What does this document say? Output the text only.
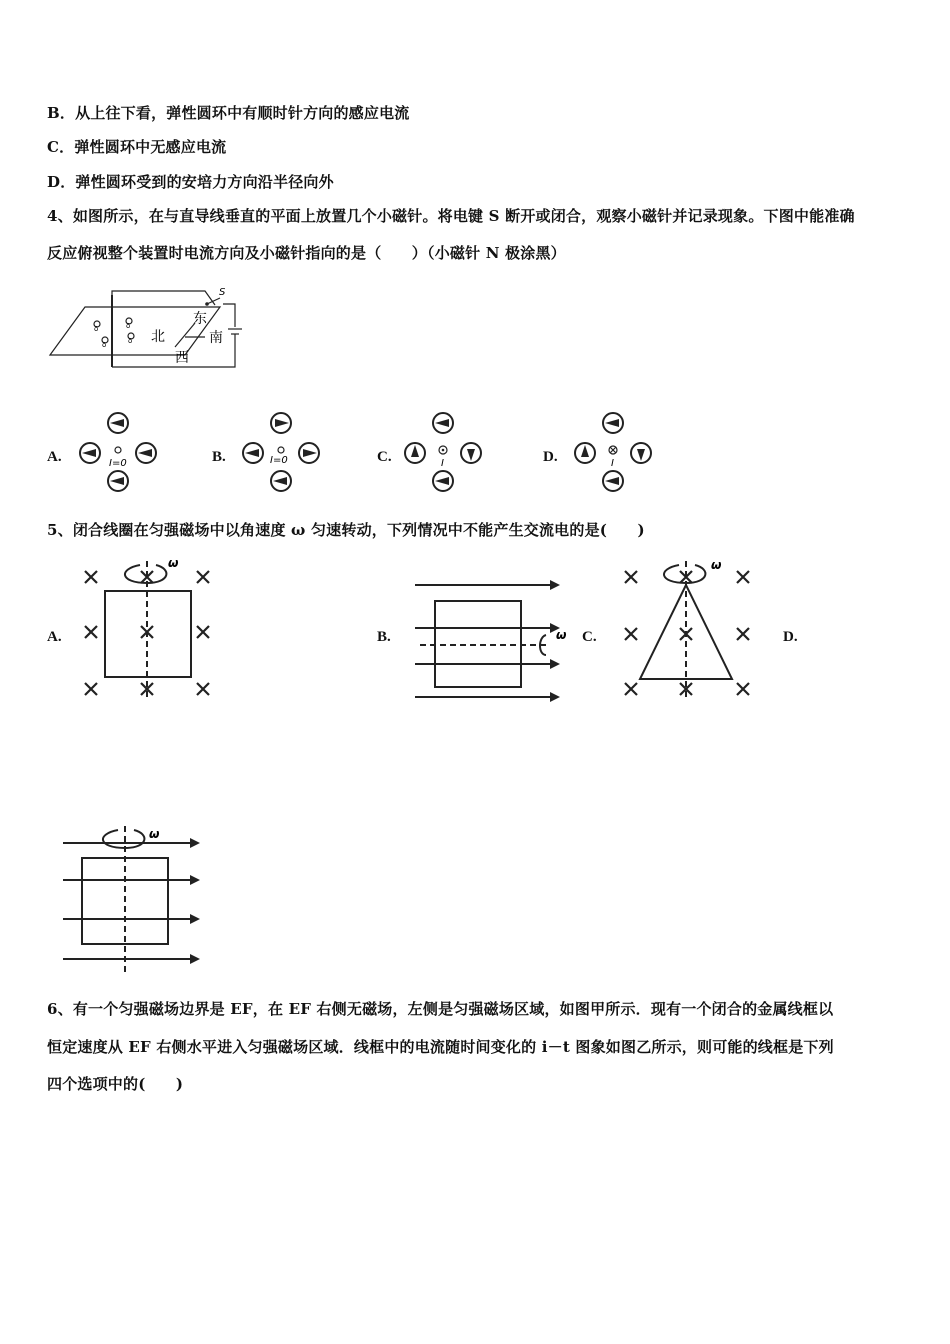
B．从上往下看，弹性圆环中有顺时针方向的感应电流
C．弹性圆环中无感应电流
D．弹性圆环受到的安培力方向沿半径向外
4、如图所示，在与直导线垂直的平面上放置几个小磁针。将电键 S 断开或闭合，观察小磁针并记录现象。下图中能准确
反应俯视整个装置时电流方向及小磁针指向的是（　　）（小磁针 N 极涂黑）
S
δ	δ
δ	δ
东
北	南
西
A.	I=0	B.	I=0	C.	I	D.	I
5、闭合线圈在匀强磁场中以角速度 ω 匀速转动，下列情况中不能产生交流电的是(　　)
A.
ω
B.	ω C.
ω
D.
ω
6、有一个匀强磁场边界是 EF，在 EF 右侧无磁场，左侧是匀强磁场区域，如图甲所示．现有一个闭合的金属线框以
恒定速度从 EF 右侧水平进入匀强磁场区域．线框中的电流随时间变化的 i－t 图象如图乙所示，则可能的线框是下列
四个选项中的(　　)
